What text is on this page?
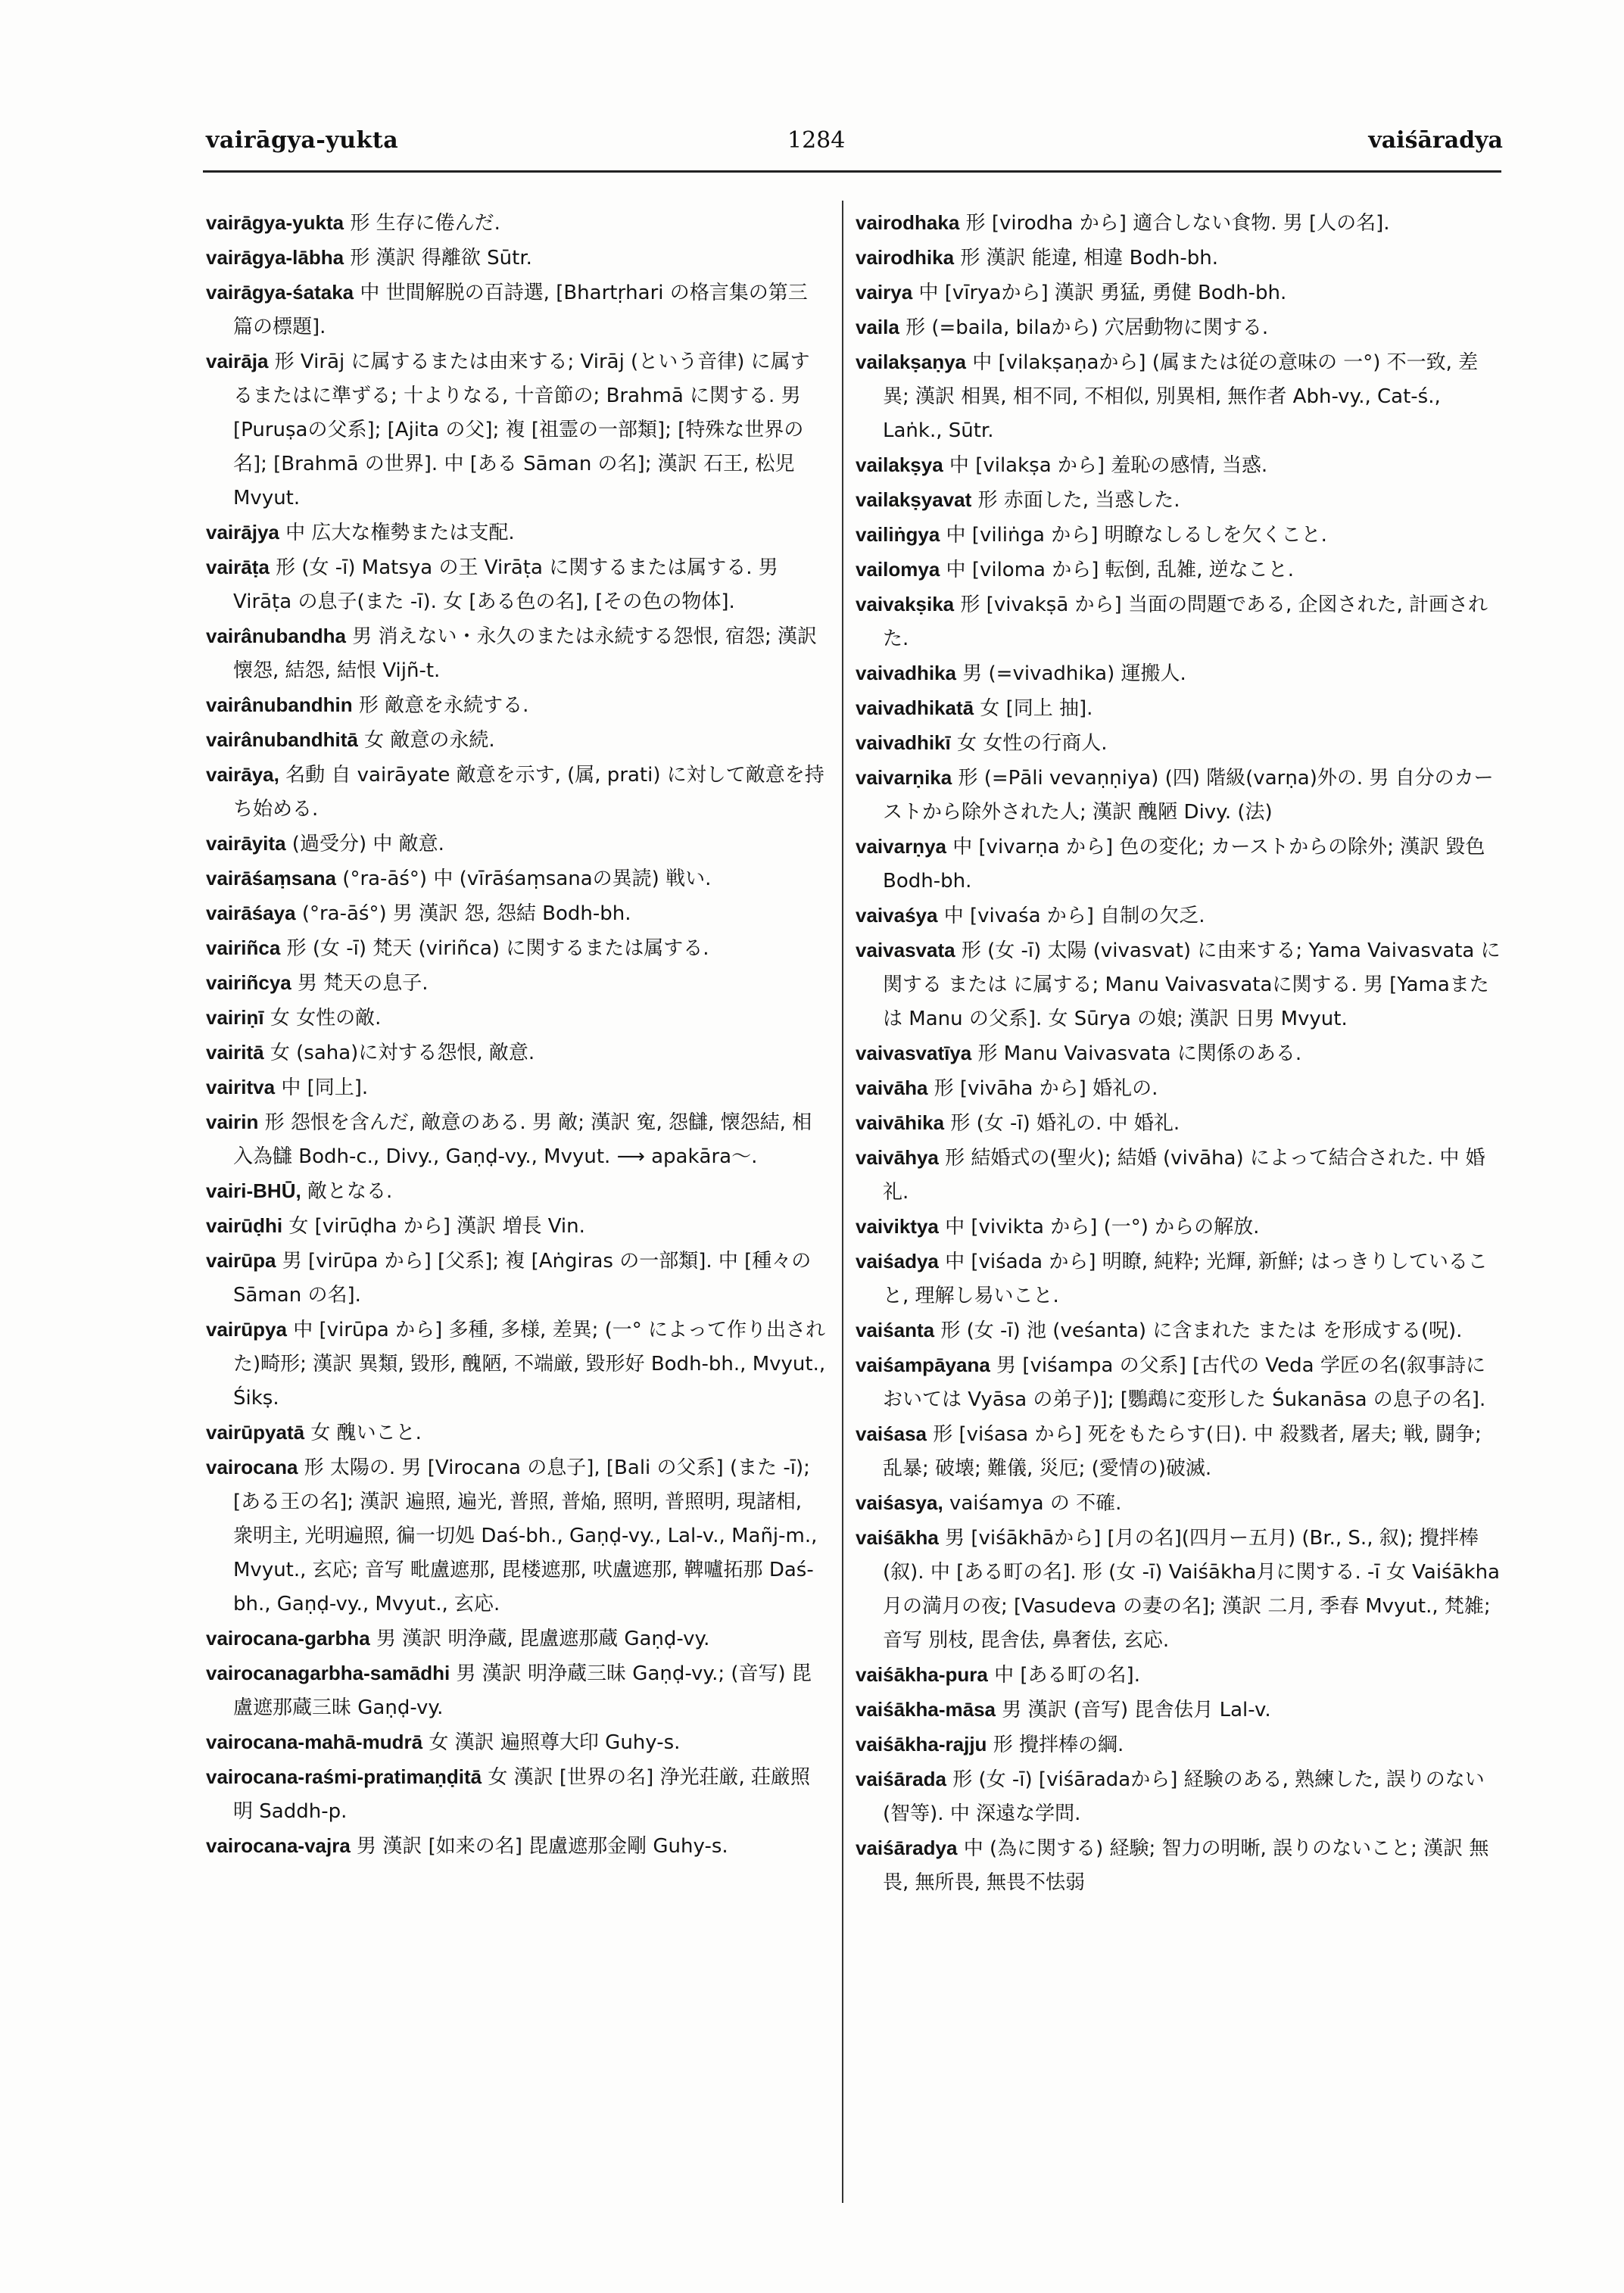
vairāgya-yukta	1284	vaiśāradya
vairāgya-yukta 形 生存に倦んだ.
vairāgya-lābha 形 漢訳 得離欲 Sūtr.
vairāgya-śataka 中 世間解脱の百詩選, [Bhartṛhari の格言集の第三篇の標題].
vairāja 形 Virāj に属するまたは由来する; Virāj (という音律) に属するまたはに準ずる; 十よりなる, 十音節の; Brahmā に関する. 男 [Puruṣaの父系]; [Ajita の父]; 複 [祖霊の一部類]; [特殊な世界の名]; [Brahmā の世界]. 中 [ある Sāman の名]; 漢訳 石王, 松児 Mvyut.
vairājya 中 広大な権勢または支配.
vairāṭa 形 (女 -ī) Matsya の王 Virāṭa に関するまたは属する. 男 Virāṭa の息子(また -ī). 女 [ある色の名], [その色の物体].
vairânubandha 男 消えない・永久のまたは永続する怨恨, 宿怨; 漢訳 懐怨, 結怨, 結恨 Vijñ-t.
vairânubandhin 形 敵意を永続する.
vairânubandhitā 女 敵意の永続.
vairāya, 名動 自 vairāyate 敵意を示す, (属, prati) に対して敵意を持ち始める.
vairāyita (過受分) 中 敵意.
vairāśaṃsana (°ra-āś°) 中 (vīrāśaṃsanaの異読) 戦い.
vairāśaya (°ra-āś°) 男 漢訳 怨, 怨結 Bodh-bh.
vairiñca 形 (女 -ī) 梵天 (viriñca) に関するまたは属する.
vairiñcya 男 梵天の息子.
vairiṇī 女 女性の敵.
vairitā 女 (saha)に対する怨恨, 敵意.
vairitva 中 [同上].
vairin 形 怨恨を含んだ, 敵意のある. 男 敵; 漢訳 寃, 怨讎, 懐怨結, 相入為讎 Bodh-c., Divy., Gaṇḍ-vy., Mvyut. ⟶ apakāra〜.
vairi-BHŪ, 敵となる.
vairūḍhi 女 [virūḍha から] 漢訳 増長 Vin.
vairūpa 男 [virūpa から] [父系]; 複 [Aṅgiras の一部類]. 中 [種々の Sāman の名].
vairūpya 中 [virūpa から] 多種, 多様, 差異; (一° によって作り出された)畸形; 漢訳 異類, 毀形, 醜陋, 不端厳, 毀形好 Bodh-bh., Mvyut., Śikṣ.
vairūpyatā 女 醜いこと.
vairocana 形 太陽の. 男 [Virocana の息子], [Bali の父系] (また -ī); [ある王の名]; 漢訳 遍照, 遍光, 普照, 普焔, 照明, 普照明, 現諸相, 衆明主, 光明遍照, 徧一切処 Daś-bh., Gaṇḍ-vy., Lal-v., Mañj-m., Mvyut., 玄応; 音写 毗盧遮那, 毘楼遮那, 吠盧遮那, 鞞嚧拓那 Daś-bh., Gaṇḍ-vy., Mvyut., 玄応.
vairocana-garbha 男 漢訳 明浄蔵, 毘盧遮那蔵 Gaṇḍ-vy.
vairocanagarbha-samādhi 男 漢訳 明浄蔵三昧 Gaṇḍ-vy.; (音写) 毘盧遮那蔵三昧 Gaṇḍ-vy.
vairocana-mahā-mudrā 女 漢訳 遍照尊大印 Guhy-s.
vairocana-raśmi-pratimaṇḍitā 女 漢訳 [世界の名] 浄光荘厳, 荘厳照明 Saddh-p.
vairocana-vajra 男 漢訳 [如来の名] 毘盧遮那金剛 Guhy-s.
vairodhaka 形 [virodha から] 適合しない食物. 男 [人の名].
vairodhika 形 漢訳 能違, 相違 Bodh-bh.
vairya 中 [vīryaから] 漢訳 勇猛, 勇健 Bodh-bh.
vaila 形 (=baila, bilaから) 穴居動物に関する.
vailakṣaṇya 中 [vilakṣaṇaから] (属または従の意味の 一°) 不一致, 差異; 漢訳 相異, 相不同, 不相似, 別異相, 無作者 Abh-vy., Cat-ś., Laṅk., Sūtr.
vailakṣya 中 [vilakṣa から] 羞恥の感情, 当惑.
vailakṣyavat 形 赤面した, 当惑した.
vailiṅgya 中 [viliṅga から] 明瞭なしるしを欠くこと.
vailomya 中 [viloma から] 転倒, 乱雑, 逆なこと.
vaivakṣika 形 [vivakṣā から] 当面の問題である, 企図された, 計画された.
vaivadhika 男 (=vivadhika) 運搬人.
vaivadhikatā 女 [同上 抽].
vaivadhikī 女 女性の行商人.
vaivarṇika 形 (=Pāli vevaṇṇiya) (四) 階級(varṇa)外の. 男 自分のカーストから除外された人; 漢訳 醜陋 Divy. (法)
vaivarṇya 中 [vivarṇa から] 色の変化; カーストからの除外; 漢訳 毀色 Bodh-bh.
vaivaśya 中 [vivaśa から] 自制の欠乏.
vaivasvata 形 (女 -ī) 太陽 (vivasvat) に由来する; Yama Vaivasvata に関する または に属する; Manu Vaivasvataに関する. 男 [Yamaまたは Manu の父系]. 女 Sūrya の娘; 漢訳 日男 Mvyut.
vaivasvatīya 形 Manu Vaivasvata に関係のある.
vaivāha 形 [vivāha から] 婚礼の.
vaivāhika 形 (女 -ī) 婚礼の. 中 婚礼.
vaivāhya 形 結婚式の(聖火); 結婚 (vivāha) によって結合された. 中 婚礼.
vaiviktya 中 [vivikta から] (一°) からの解放.
vaiśadya 中 [viśada から] 明瞭, 純粋; 光輝, 新鮮; はっきりしていること, 理解し易いこと.
vaiśanta 形 (女 -ī) 池 (veśanta) に含まれた または を形成する(呪).
vaiśampāyana 男 [viśampa の父系] [古代の Veda 学匠の名(叙事詩においては Vyāsa の弟子)]; [鸚鵡に変形した Śukanāsa の息子の名].
vaiśasa 形 [viśasa から] 死をもたらす(日). 中 殺戮者, 屠夫; 戦, 闘争; 乱暴; 破壊; 難儀, 災厄; (愛情の)破滅.
vaiśasya, vaiśamya の 不確.
vaiśākha 男 [viśākhāから] [月の名](四月ー五月) (Br., S., 叙); 攪拌棒(叙). 中 [ある町の名]. 形 (女 -ī) Vaiśākha月に関する. -ī 女 Vaiśākha 月の満月の夜; [Vasudeva の妻の名]; 漢訳 二月, 季春 Mvyut., 梵雑; 音写 別枝, 毘舎佉, 鼻奢佉, 玄応.
vaiśākha-pura 中 [ある町の名].
vaiśākha-māsa 男 漢訳 (音写) 毘舎佉月 Lal-v.
vaiśākha-rajju 形 攪拌棒の綱.
vaiśārada 形 (女 -ī) [viśāradaから] 経験のある, 熟練した, 誤りのない(智等). 中 深遠な学問.
vaiśāradya 中 (為に関する) 経験; 智力の明晰, 誤りのないこと; 漢訳 無畏, 無所畏, 無畏不怯弱
